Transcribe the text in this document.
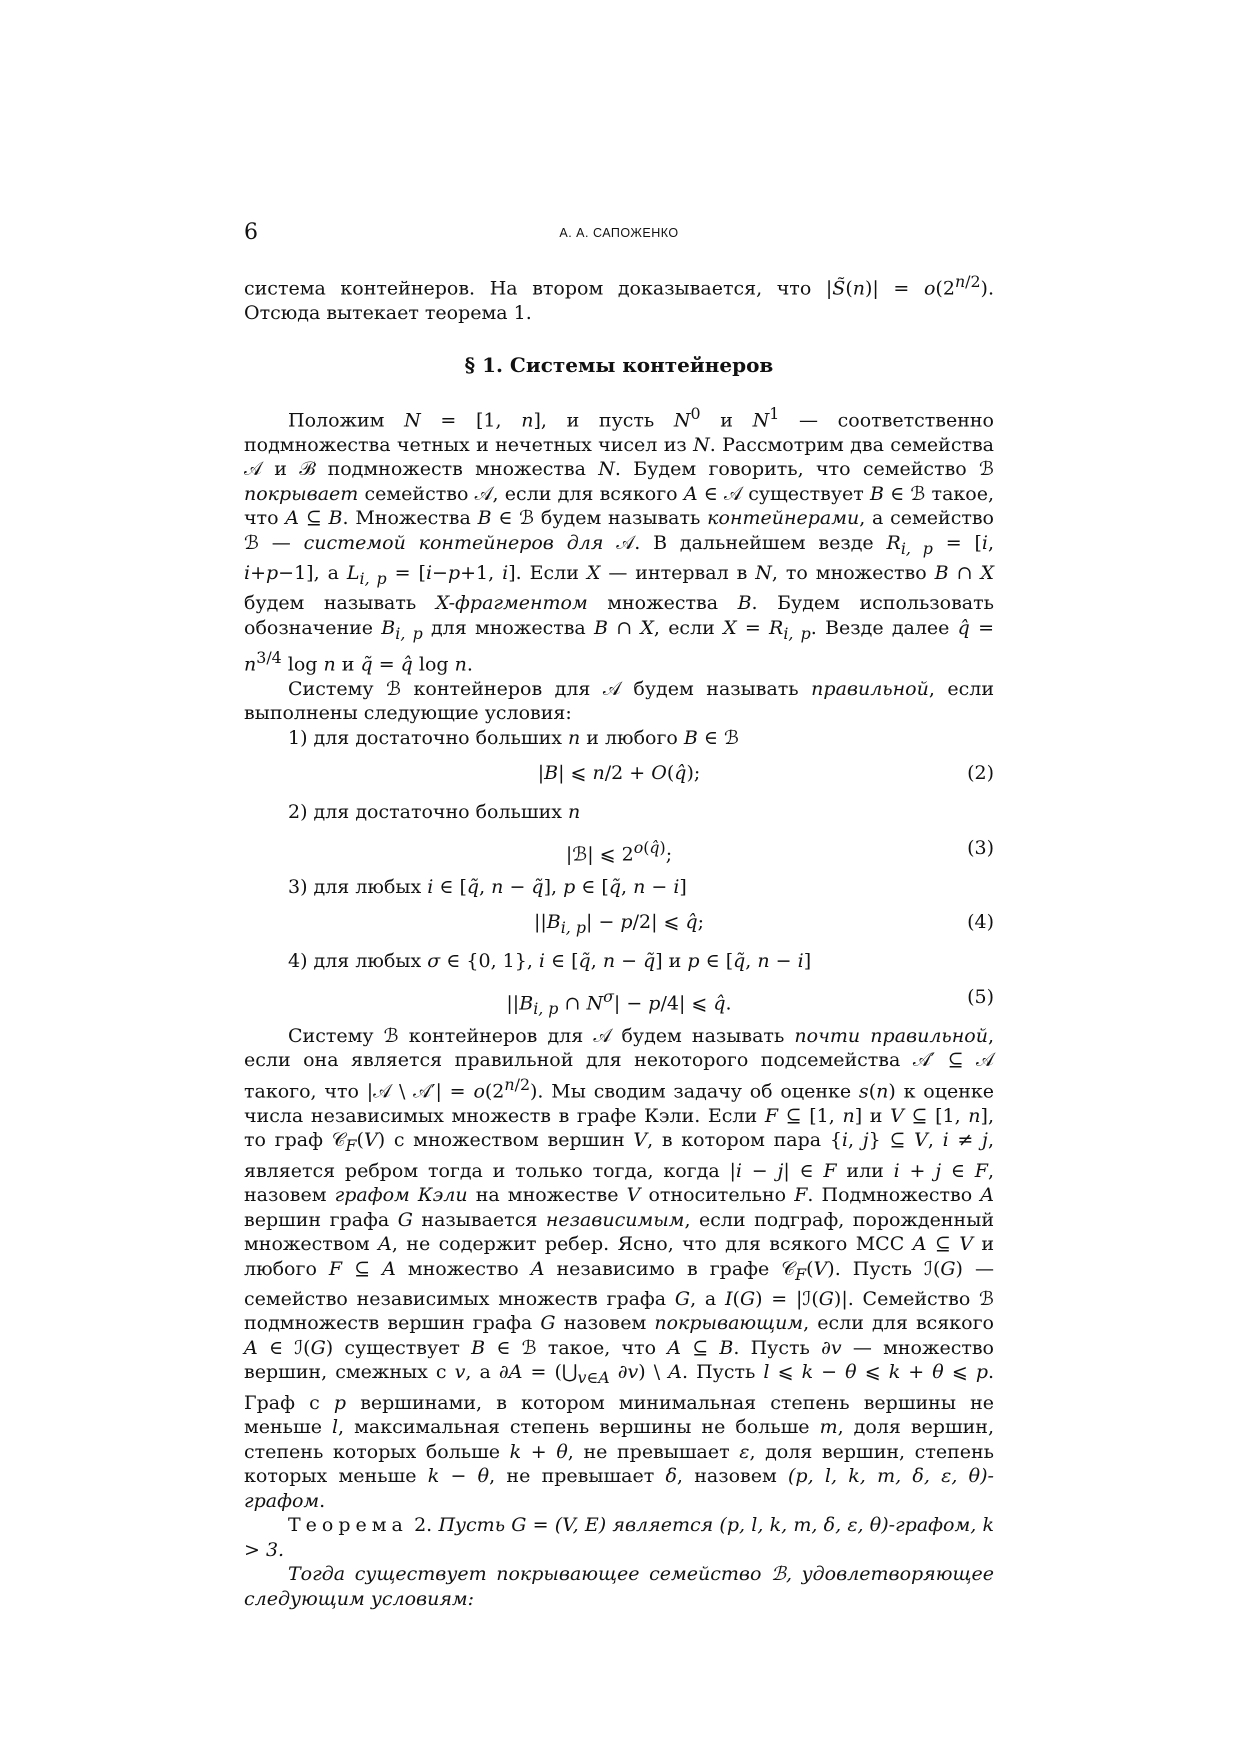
6	А. А. САПОЖЕНКО

система контейнеров. На втором доказывается, что |S̃(n)| = $o(2^{n/2})$. Отсюда вытекает теорема 1.

§ 1. Системы контейнеров

Положим N = [1, n], и пусть $N^0$ и $N^1$ — соответственно подмножества четных и нечетных чисел из N. Рассмотрим два семейства 𝒜 и ℬ подмножеств множества N. Будем говорить, что семейство ℬ покрывает семейство 𝒜, если для всякого A ∈ 𝒜 существует B ∈ ℬ такое, что A ⊆ B. Множества B ∈ ℬ будем называть контейнерами, а семейство ℬ — системой контейнеров для 𝒜. В дальнейшем везде $R_{i, p} = [i$, i+p−1], а $L_{i, p} = [i-p+1$, i]. Если X — интервал в N, то множество B ∩ X будем называть X-фрагментом множества B. Будем использовать обозначение $B_{i, p}$ для множества B ∩ X, если $X = R_{i, p}$. Везде далее q̂ = $n^{3/4}$ log n и q̃ = q̂ log n.

Систему ℬ контейнеров для 𝒜 будем называть правильной, если выполнены следующие условия:

1) для достаточно больших n и любого B ∈ ℬ

|B| ⩽ n/2 + O(q̂);	(2)

2) для достаточно больших n

|ℬ| ⩽ $2^{o(q̂)}$;	(3)

3) для любых i ∈ [q̃, n − q̃], p ∈ [q̃, n − i]

$||B_{i, p}| - p/2|$ ⩽ q̂;	(4)

4) для любых σ ∈ {0, 1}, i ∈ [q̃, n − q̃] и p ∈ [q̃, n − i]

$||B_{i, p}$ ∩ $N^\sigma| - p/4|$ ⩽ q̂.	(5)

Систему ℬ контейнеров для 𝒜 будем называть почти правильной, если она является правильной для некоторого подсемейства 𝒜′ ⊆ 𝒜 такого, что |𝒜 \ 𝒜′| = $o(2^{n/2})$. Мы сводим задачу об оценке s(n) к оценке числа независимых множеств в графе Кэли. Если F ⊆ [1, n] и V ⊆ [1, n], то граф 𝒞$_F$(V) с множеством вершин V, в котором пара {i, j} ⊆ V, i ≠ j, является ребром тогда и только тогда, когда |i − j| ∈ F или i + j ∈ F, назовем графом Кэли на множестве V относительно F. Подмножество A вершин графа G называется независимым, если подграф, порожденный множеством A, не содержит ребер. Ясно, что для всякого МСС A ⊆ V и любого F ⊆ A множество A независимо в графе 𝒞$_F$(V). Пусть ℐ(G) — семейство независимых множеств графа G, а I(G) = |ℐ(G)|. Семейство ℬ подмножеств вершин графа G назовем покрывающим, если для всякого A ∈ ℐ(G) существует B ∈ ℬ такое, что A ⊆ B. Пусть ∂v — множество вершин, смежных с v, а $\partial A = (⋃_{v\in A}$ ∂v) \ A. Пусть l ⩽ k − θ ⩽ k + θ ⩽ p. Граф с p вершинами, в котором минимальная степень вершины не меньше l, максимальная степень вершины не больше m, доля вершин, степень которых больше k + θ, не превышает ε, доля вершин, степень которых меньше k − θ, не превышает δ, назовем (p, l, k, m, δ, ε, θ)-графом.

Теорема 2. Пусть G = (V, E) является (p, l, k, m, δ, ε, θ)-графом, k > 3.

Тогда существует покрывающее семейство ℬ, удовлетворяющее следующим условиям:
